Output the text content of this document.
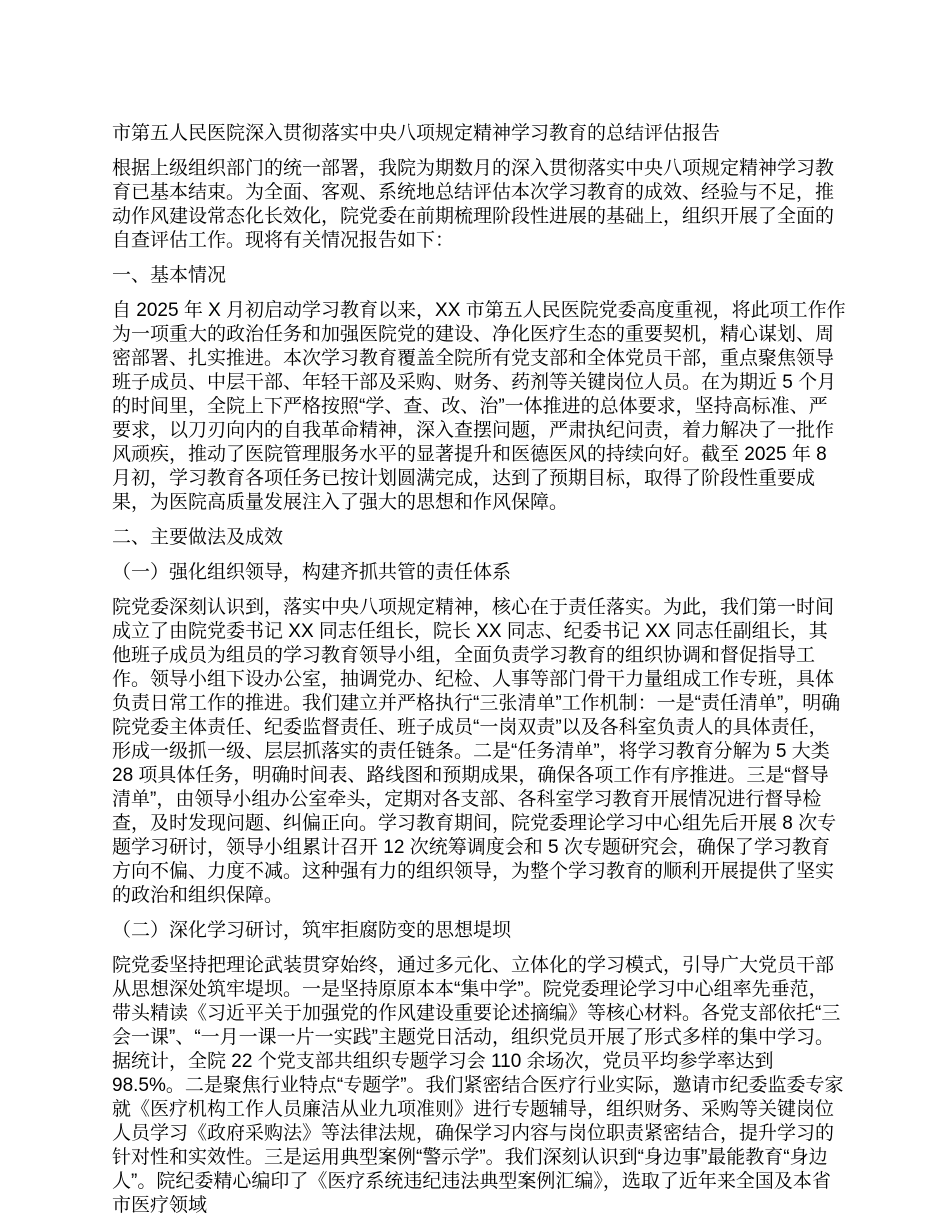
市第五人民医院深入贯彻落实中央八项规定精神学习教育的总结评估报告

根据上级组织部门的统一部署，我院为期数月的深入贯彻落实中央八项规定精神学习教育已基本结束。为全面、客观、系统地总结评估本次学习教育的成效、经验与不足，推动作风建设常态化长效化，院党委在前期梳理阶段性进展的基础上，组织开展了全面的自查评估工作。现将有关情况报告如下：

一、基本情况

自 2025 年 X 月初启动学习教育以来，XX 市第五人民医院党委高度重视，将此项工作作为一项重大的政治任务和加强医院党的建设、净化医疗生态的重要契机，精心谋划、周密部署、扎实推进。本次学习教育覆盖全院所有党支部和全体党员干部，重点聚焦领导班子成员、中层干部、年轻干部及采购、财务、药剂等关键岗位人员。在为期近 5 个月的时间里，全院上下严格按照“学、查、改、治”一体推进的总体要求，坚持高标准、严要求，以刀刃向内的自我革命精神，深入查摆问题，严肃执纪问责，着力解决了一批作风顽疾，推动了医院管理服务水平的显著提升和医德医风的持续向好。截至 2025 年 8 月初，学习教育各项任务已按计划圆满完成，达到了预期目标，取得了阶段性重要成果，为医院高质量发展注入了强大的思想和作风保障。

二、主要做法及成效
（一）强化组织领导，构建齐抓共管的责任体系

院党委深刻认识到，落实中央八项规定精神，核心在于责任落实。为此，我们第一时间成立了由院党委书记 XX 同志任组长，院长 XX 同志、纪委书记 XX 同志任副组长，其他班子成员为组员的学习教育领导小组，全面负责学习教育的组织协调和督促指导工作。领导小组下设办公室，抽调党办、纪检、人事等部门骨干力量组成工作专班，具体负责日常工作的推进。我们建立并严格执行“三张清单”工作机制：一是“责任清单”，明确院党委主体责任、纪委监督责任、班子成员“一岗双责”以及各科室负责人的具体责任，形成一级抓一级、层层抓落实的责任链条。二是“任务清单”，将学习教育分解为 5 大类 28 项具体任务，明确时间表、路线图和预期成果，确保各项工作有序推进。三是“督导清单”，由领导小组办公室牵头，定期对各支部、各科室学习教育开展情况进行督导检查，及时发现问题、纠偏正向。学习教育期间，院党委理论学习中心组先后开展 8 次专题学习研讨，领导小组累计召开 12 次统筹调度会和 5 次专题研究会，确保了学习教育方向不偏、力度不减。这种强有力的组织领导，为整个学习教育的顺利开展提供了坚实的政治和组织保障。

（二）深化学习研讨，筑牢拒腐防变的思想堤坝

院党委坚持把理论武装贯穿始终，通过多元化、立体化的学习模式，引导广大党员干部从思想深处筑牢堤坝。一是坚持原原本本“集中学”。院党委理论学习中心组率先垂范，带头精读《习近平关于加强党的作风建设重要论述摘编》等核心材料。各党支部依托“三会一课”、“一月一课一片一实践”主题党日活动，组织党员开展了形式多样的集中学习。据统计，全院 22 个党支部共组织专题学习会 110 余场次，党员平均参学率达到 98.5%。二是聚焦行业特点“专题学”。我们紧密结合医疗行业实际，邀请市纪委监委专家就《医疗机构工作人员廉洁从业九项准则》进行专题辅导，组织财务、采购等关键岗位人员学习《政府采购法》等法律法规，确保学习内容与岗位职责紧密结合，提升学习的针对性和实效性。三是运用典型案例“警示学”。我们深刻认识到“身边事”最能教育“身边人”。院纪委精心编印了《医疗系统违纪违法典型案例汇编》，选取了近年来全国及本省市医疗领域
